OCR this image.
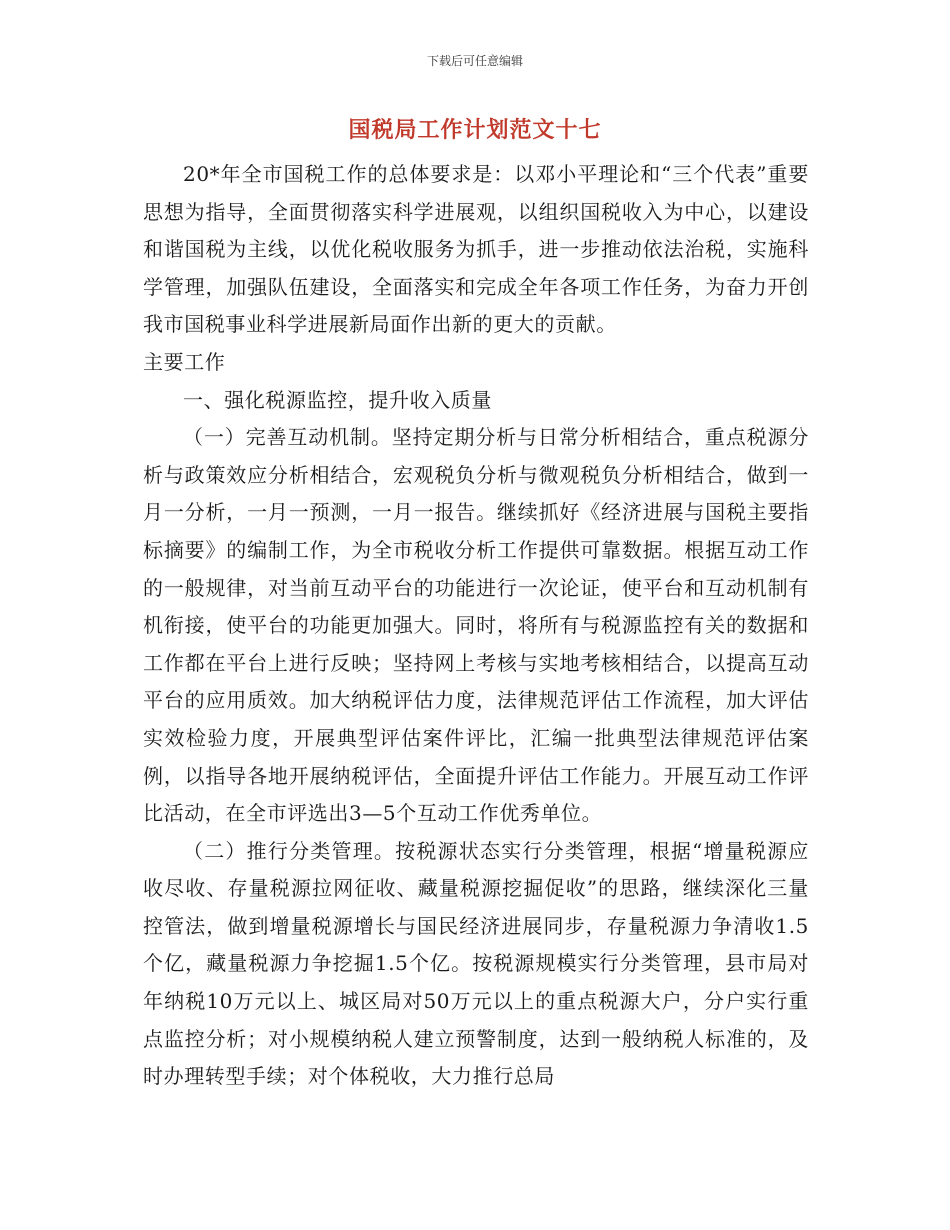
下载后可任意编辑
国税局工作计划范文十七

20*年全市国税工作的总体要求是：以邓小平理论和“三个代表”重要思想为指导，全面贯彻落实科学进展观，以组织国税收入为中心，以建设和谐国税为主线，以优化税收服务为抓手，进一步推动依法治税，实施科学管理，加强队伍建设，全面落实和完成全年各项工作任务，为奋力开创我市国税事业科学进展新局面作出新的更大的贡献。

主要工作

一、强化税源监控，提升收入质量

（一）完善互动机制。坚持定期分析与日常分析相结合，重点税源分析与政策效应分析相结合，宏观税负分析与微观税负分析相结合，做到一月一分析，一月一预测，一月一报告。继续抓好《经济进展与国税主要指标摘要》的编制工作，为全市税收分析工作提供可靠数据。根据互动工作的一般规律，对当前互动平台的功能进行一次论证，使平台和互动机制有机衔接，使平台的功能更加强大。同时，将所有与税源监控有关的数据和工作都在平台上进行反映；坚持网上考核与实地考核相结合，以提高互动平台的应用质效。加大纳税评估力度，法律规范评估工作流程，加大评估实效检验力度，开展典型评估案件评比，汇编一批典型法律规范评估案例，以指导各地开展纳税评估，全面提升评估工作能力。开展互动工作评比活动，在全市评选出3—5个互动工作优秀单位。

（二）推行分类管理。按税源状态实行分类管理，根据“增量税源应收尽收、存量税源拉网征收、藏量税源挖掘促收”的思路，继续深化三量控管法，做到增量税源增长与国民经济进展同步，存量税源力争清收1.5个亿，藏量税源力争挖掘1.5个亿。按税源规模实行分类管理，县市局对年纳税10万元以上、城区局对50万元以上的重点税源大户，分户实行重点监控分析；对小规模纳税人建立预警制度，达到一般纳税人标准的，及时办理转型手续；对个体税收，大力推行总局
